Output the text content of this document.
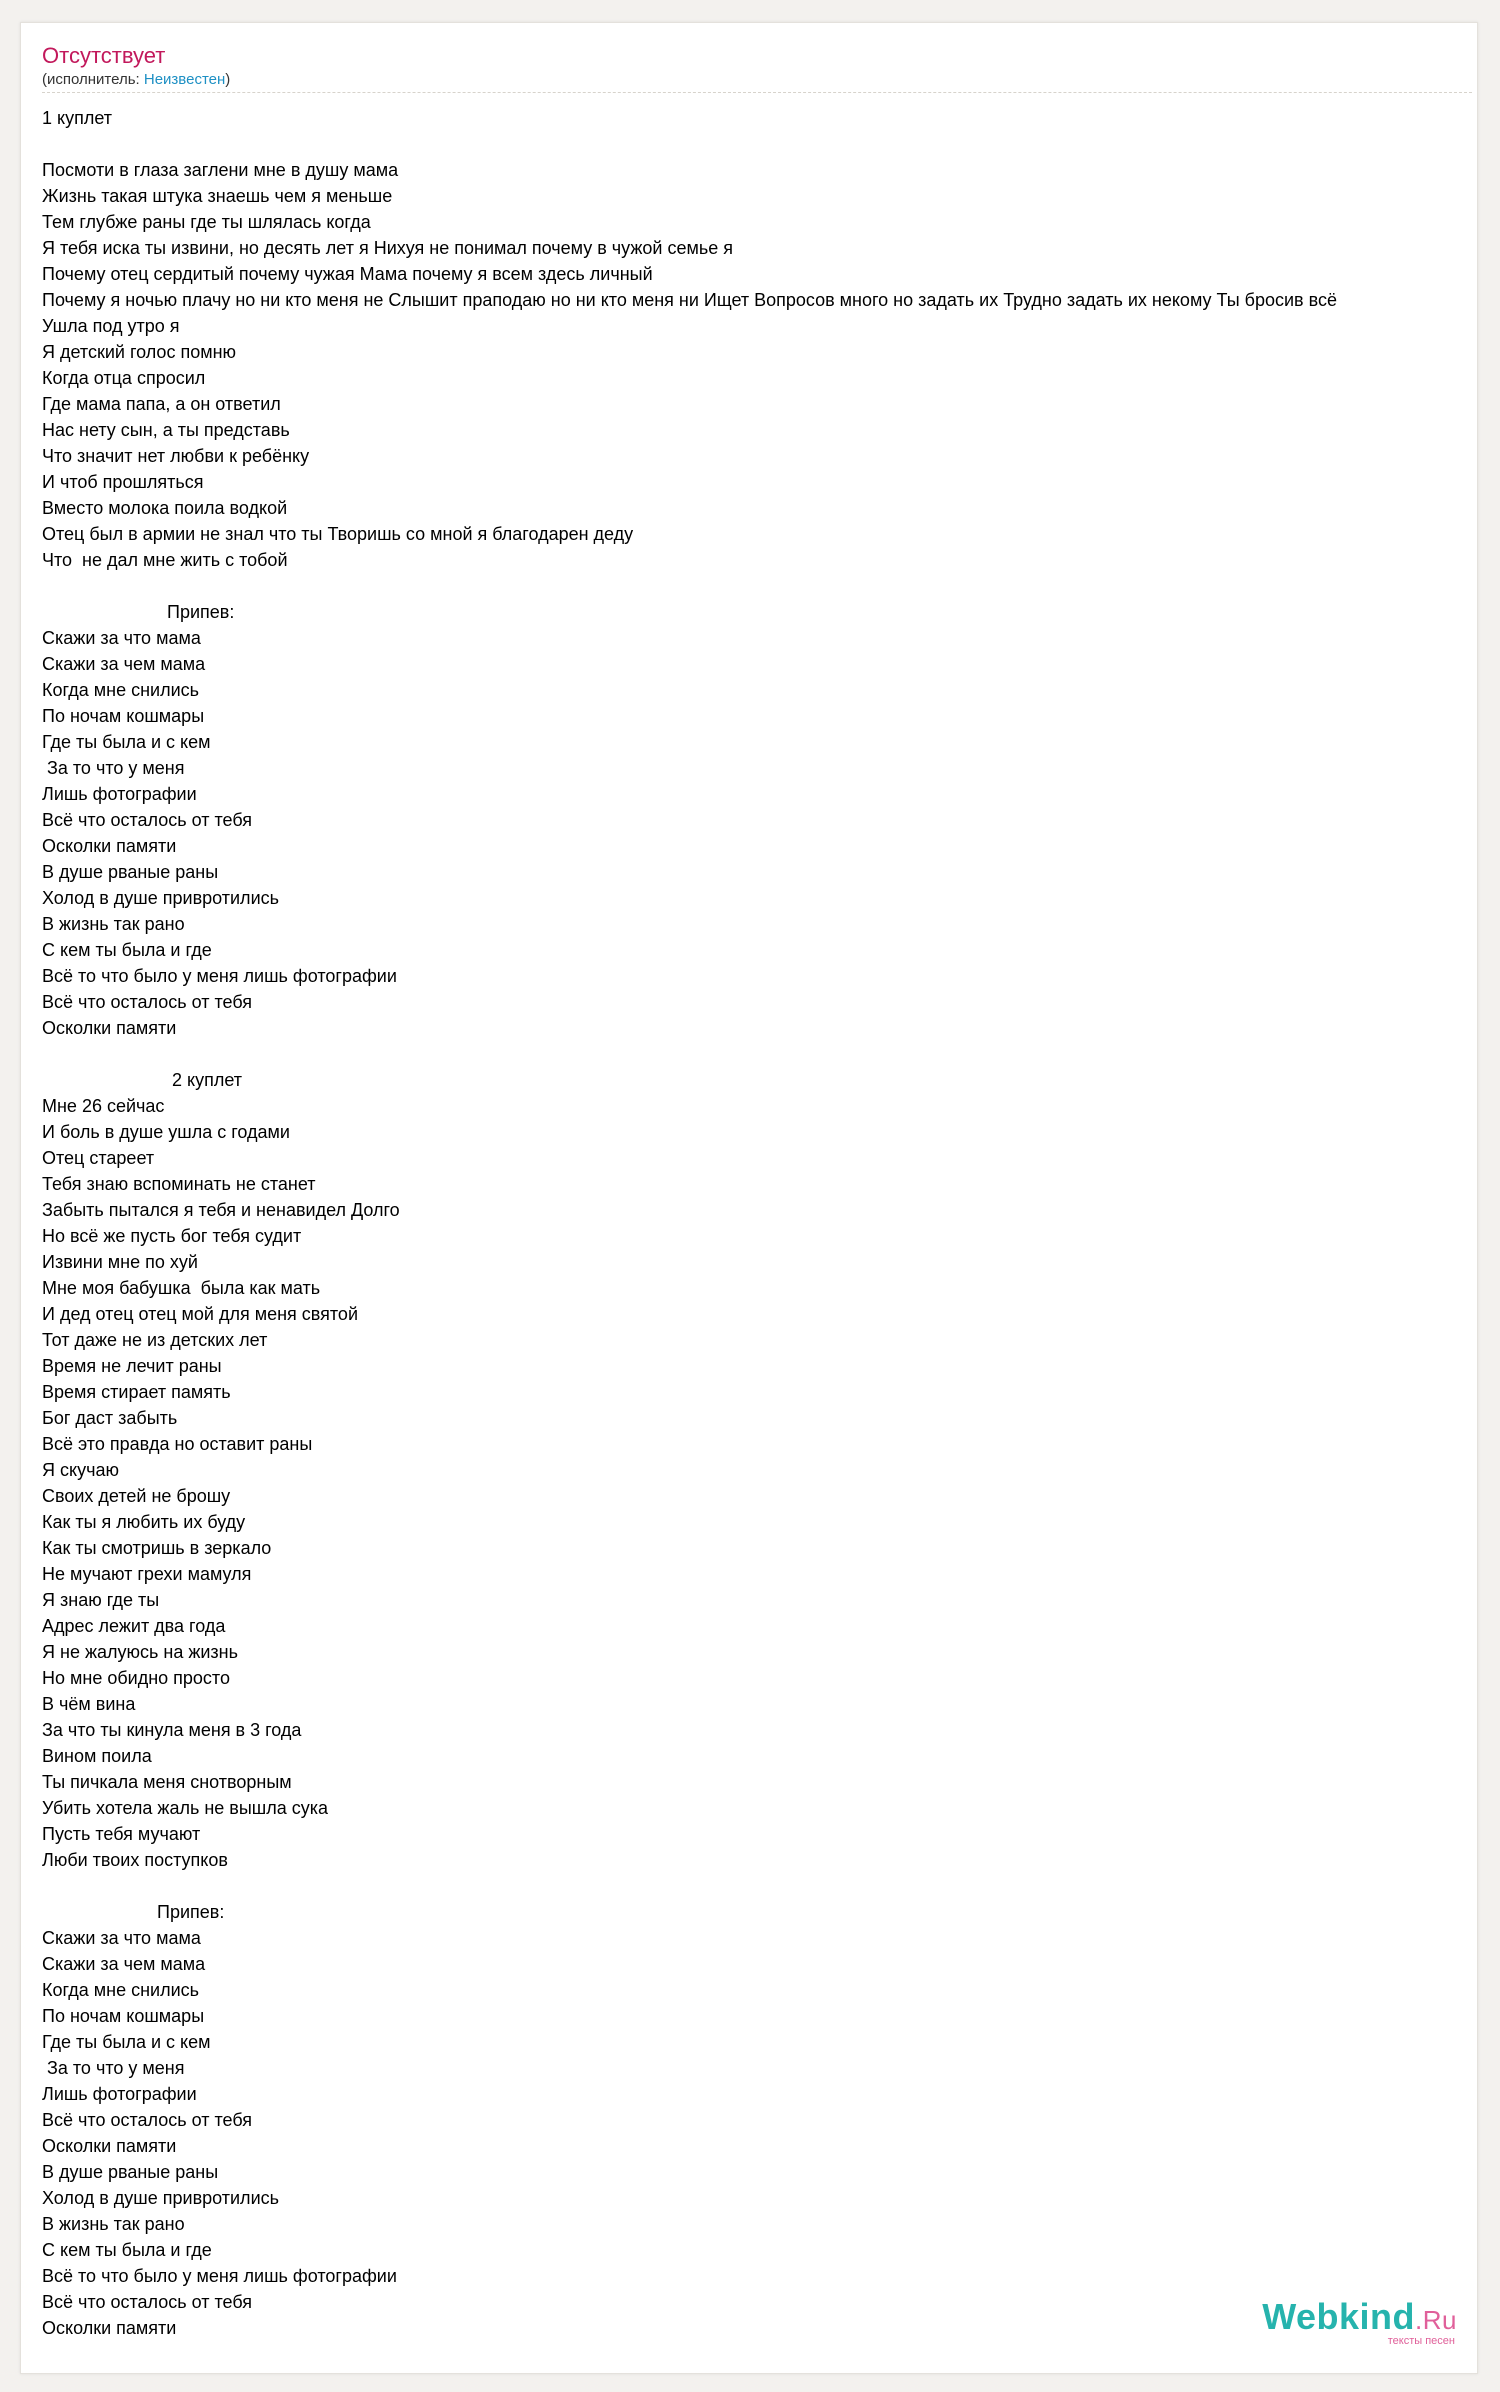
Отсутствует
(исполнитель: Неизвестен)
1 куплет
Посмоти в глаза заглени мне в душу мама
Жизнь такая штука знаешь чем я меньше
Тем глубже раны где ты шлялась когда
Я тебя иска ты извини, но десять лет я Нихуя не понимал почему в чужой семье я
Почему отец сердитый почему чужая Мама почему я всем здесь личный
Почему я ночью плачу но ни кто меня не Слышит праподаю но ни кто меня ни Ищет Вопросов много но задать их Трудно задать их некому Ты бросив всё
Ушла под утро я
Я детский голос помню
Когда отца спросил
Где мама папа, а он ответил
Нас нету сын, а ты представь
Что значит нет любви к ребёнку
И чтоб прошляться
Вместо молока поила водкой
Отец был в армии не знал что ты Творишь со мной я благодарен деду
Что  не дал мне жить с тобой
Припев:
Скажи за что мама
Скажи за чем мама
Когда мне снились
По ночам кошмары
Где ты была и с кем
За то что у меня
Лишь фотографии
Всё что осталось от тебя
Осколки памяти
В душе рваные раны
Холод в душе привротились
В жизнь так рано
С кем ты была и где
Всё то что было у меня лишь фотографии
Всё что осталось от тебя
Осколки памяти
2 куплет
Мне 26 сейчас
И боль в душе ушла с годами
Отец стареет
Тебя знаю вспоминать не станет
Забыть пытался я тебя и ненавидел Долго
Но всё же пусть бог тебя судит
Извини мне по хуй
Мне моя бабушка  была как мать
И дед отец отец мой для меня святой
Тот даже не из детских лет
Время не лечит раны
Время стирает память
Бог даст забыть
Всё это правда но оставит раны
Я скучаю
Своих детей не брошу
Как ты я любить их буду
Как ты смотришь в зеркало
Не мучают грехи мамуля
Я знаю где ты
Адрес лежит два года
Я не жалуюсь на жизнь
Но мне обидно просто
В чём вина
За что ты кинула меня в 3 года
Вином поила
Ты пичкала меня снотворным
Убить хотела жаль не вышла сука
Пусть тебя мучают
Люби твоих поступков
Припев:
Скажи за что мама
Скажи за чем мама
Когда мне снились
По ночам кошмары
Где ты была и с кем
За то что у меня
Лишь фотографии
Всё что осталось от тебя
Осколки памяти
В душе рваные раны
Холод в душе привротились
В жизнь так рано
С кем ты была и где
Всё то что было у меня лишь фотографии
Всё что осталось от тебя
Осколки памяти	Webkind.Ru
тексты песен
